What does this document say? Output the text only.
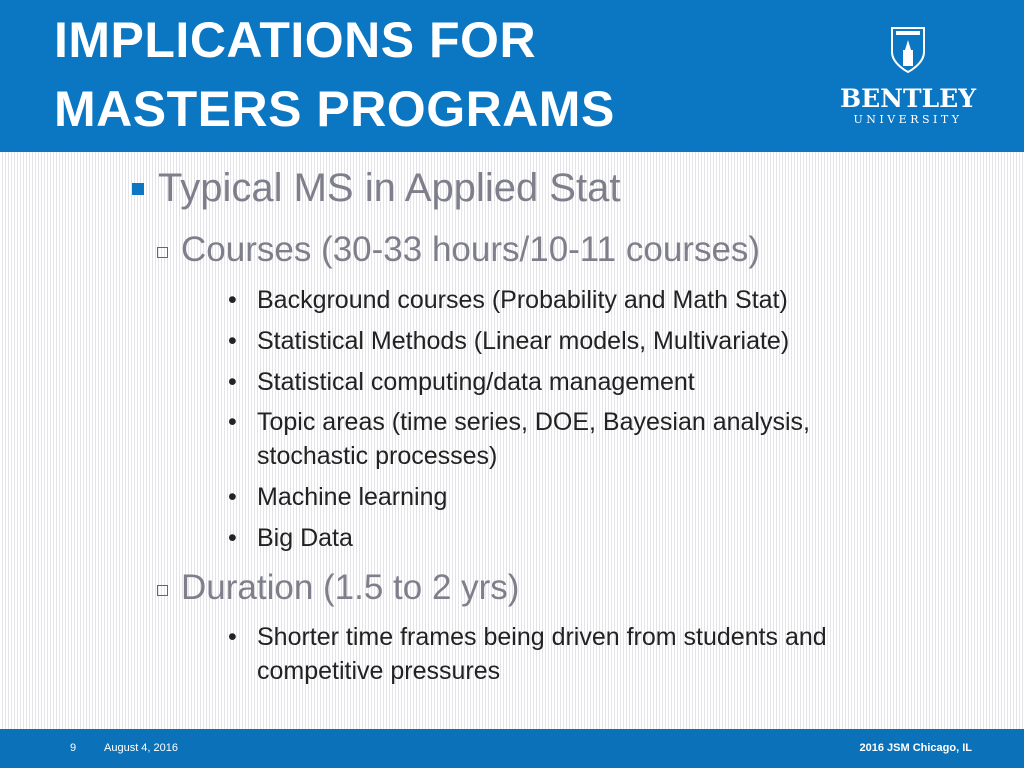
IMPLICATIONS FOR
MASTERS PROGRAMS	BENTLEY
UNIVERSITY
Typical MS in Applied Stat
Courses (30-33 hours/10-11 courses)
• Background courses (Probability and Math Stat)
• Statistical Methods (Linear models, Multivariate)
• Statistical computing/data management
• Topic areas (time series, DOE, Bayesian analysis, stochastic processes)
• Machine learning
• Big Data
Duration (1.5 to 2 yrs)
• Shorter time frames being driven from students and competitive pressures
9	August 4, 2016	2016 JSM Chicago, IL
